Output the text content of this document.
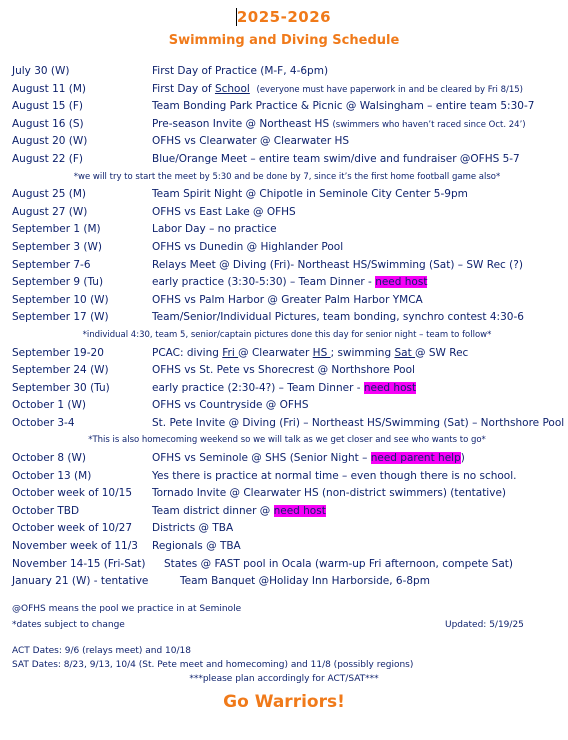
2025-2026
Swimming and Diving Schedule
July 30 (W)	First Day of Practice (M-F, 4-6pm)
August 11 (M)	First Day of School (everyone must have paperwork in and be cleared by Fri 8/15)
August 15 (F)	Team Bonding Park Practice & Picnic @ Walsingham – entire team 5:30-7
August 16 (S)	Pre-season Invite @ Northeast HS (swimmers who haven’t raced since Oct. 24’)
August 20 (W)	OFHS vs Clearwater @ Clearwater HS
August 22 (F)	Blue/Orange Meet – entire team swim/dive and fundraiser @OFHS 5-7
*we will try to start the meet by 5:30 and be done by 7, since it’s the first home football game also*
August 25 (M)	Team Spirit Night @ Chipotle in Seminole City Center 5-9pm
August 27 (W)	OFHS vs East Lake @ OFHS
September 1 (M)	Labor Day – no practice
September 3 (W)	OFHS vs Dunedin @ Highlander Pool
September 7-6	Relays Meet @ Diving (Fri)- Northeast HS/Swimming (Sat) – SW Rec (?)
September 9 (Tu)	early practice (3:30-5:30) – Team Dinner - need host
September 10 (W)	OFHS vs Palm Harbor @ Greater Palm Harbor YMCA
September 17 (W)	Team/Senior/Individual Pictures, team bonding, synchro contest 4:30-6
*individual 4:30, team 5, senior/captain pictures done this day for senior night – team to follow*
September 19-20	PCAC: diving Fri @ Clearwater HS ; swimming Sat @ SW Rec
September 24 (W)	OFHS vs St. Pete vs Shorecrest @ Northshore Pool
September 30 (Tu)	early practice (2:30-4?) – Team Dinner - need host
October 1 (W)	OFHS vs Countryside @ OFHS
October 3-4	St. Pete Invite @ Diving (Fri) – Northeast HS/Swimming (Sat) – Northshore Pool
*This is also homecoming weekend so we will talk as we get closer and see who wants to go*
October 8 (W)	OFHS vs Seminole @ SHS (Senior Night – need parent help)
October 13 (M)	Yes there is practice at normal time – even though there is no school.
October week of 10/15 Tornado Invite @ Clearwater HS (non-district swimmers) (tentative)
October TBD	Team district dinner @ need host
October week of 10/27 Districts @ TBA
November week of 11/3 Regionals @ TBA
November 14-15 (Fri-Sat) States @ FAST pool in Ocala (warm-up Fri afternoon, compete Sat)
January 21 (W) - tentative	Team Banquet @Holiday Inn Harborside, 6-8pm
@OFHS means the pool we practice in at Seminole
*dates subject to change	Updated: 5/19/25
ACT Dates: 9/6 (relays meet) and 10/18
SAT Dates: 8/23, 9/13, 10/4 (St. Pete meet and homecoming) and 11/8 (possibly regions)
***please plan accordingly for ACT/SAT***
Go Warriors!
